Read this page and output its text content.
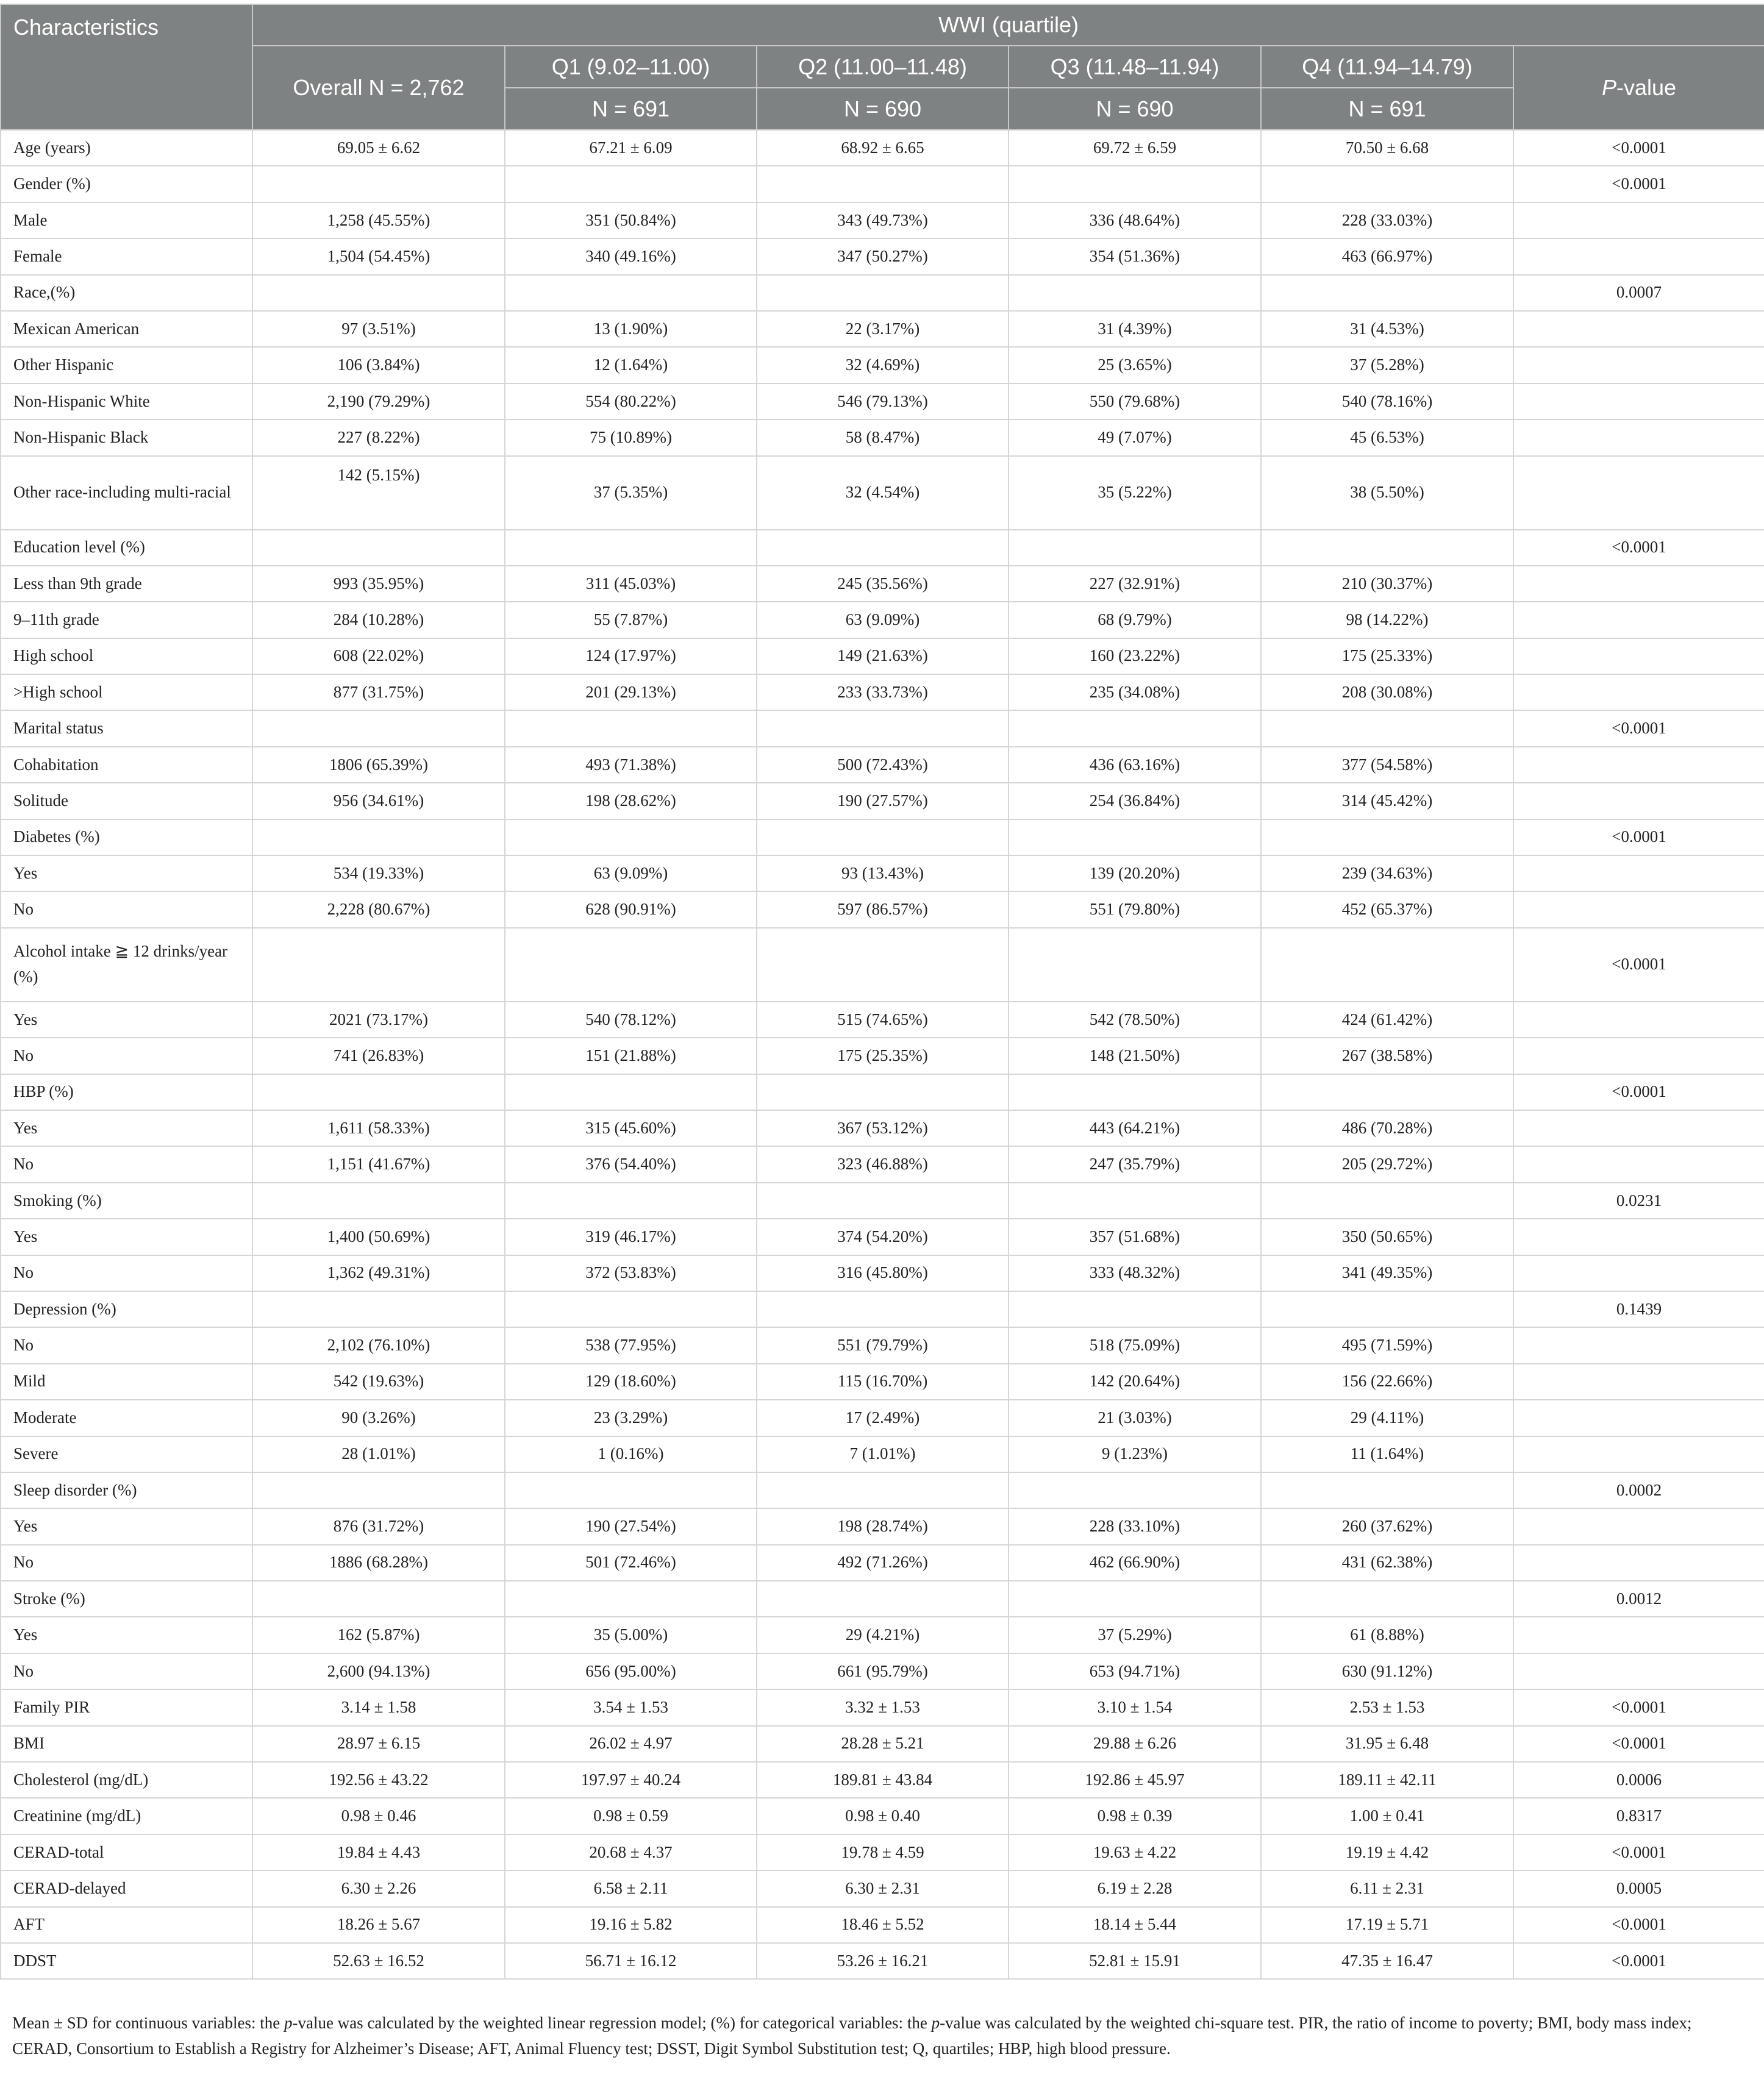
Characteristics	WWI (quartile)					
	Overall N = 2,762	Q1 (9.02–11.00)	Q2 (11.00–11.48)	Q3 (11.48–11.94)	Q4 (11.94–14.79)	P-value
		N = 691	N = 690	N = 690	N = 691	
Age (years)	69.05 ± 6.62	67.21 ± 6.09	68.92 ± 6.65	69.72 ± 6.59	70.50 ± 6.68	<0.0001
Gender (%)						<0.0001
Male	1,258 (45.55%)	351 (50.84%)	343 (49.73%)	336 (48.64%)	228 (33.03%)	
Female	1,504 (54.45%)	340 (49.16%)	347 (50.27%)	354 (51.36%)	463 (66.97%)	
Race,(%)						0.0007
Mexican American	97 (3.51%)	13 (1.90%)	22 (3.17%)	31 (4.39%)	31 (4.53%)	
Other Hispanic	106 (3.84%)	12 (1.64%)	32 (4.69%)	25 (3.65%)	37 (5.28%)	
Non-Hispanic White	2,190 (79.29%)	554 (80.22%)	546 (79.13%)	550 (79.68%)	540 (78.16%)	
Non-Hispanic Black	227 (8.22%)	75 (10.89%)	58 (8.47%)	49 (7.07%)	45 (6.53%)	
Other race-including multi-racial	142 (5.15%)	37 (5.35%)	32 (4.54%)	35 (5.22%)	38 (5.50%)	
Education level (%)						<0.0001
Less than 9th grade	993 (35.95%)	311 (45.03%)	245 (35.56%)	227 (32.91%)	210 (30.37%)	
9–11th grade	284 (10.28%)	55 (7.87%)	63 (9.09%)	68 (9.79%)	98 (14.22%)	
High school	608 (22.02%)	124 (17.97%)	149 (21.63%)	160 (23.22%)	175 (25.33%)	
>High school	877 (31.75%)	201 (29.13%)	233 (33.73%)	235 (34.08%)	208 (30.08%)	
Marital status						<0.0001
Cohabitation	1806 (65.39%)	493 (71.38%)	500 (72.43%)	436 (63.16%)	377 (54.58%)	
Solitude	956 (34.61%)	198 (28.62%)	190 (27.57%)	254 (36.84%)	314 (45.42%)	
Diabetes (%)						<0.0001
Yes	534 (19.33%)	63 (9.09%)	93 (13.43%)	139 (20.20%)	239 (34.63%)	
No	2,228 (80.67%)	628 (90.91%)	597 (86.57%)	551 (79.80%)	452 (65.37%)	
Alcohol intake ≧ 12 drinks/year (%)						<0.0001
Yes	2021 (73.17%)	540 (78.12%)	515 (74.65%)	542 (78.50%)	424 (61.42%)	
No	741 (26.83%)	151 (21.88%)	175 (25.35%)	148 (21.50%)	267 (38.58%)	
HBP (%)						<0.0001
Yes	1,611 (58.33%)	315 (45.60%)	367 (53.12%)	443 (64.21%)	486 (70.28%)	
No	1,151 (41.67%)	376 (54.40%)	323 (46.88%)	247 (35.79%)	205 (29.72%)	
Smoking (%)						0.0231
Yes	1,400 (50.69%)	319 (46.17%)	374 (54.20%)	357 (51.68%)	350 (50.65%)	
No	1,362 (49.31%)	372 (53.83%)	316 (45.80%)	333 (48.32%)	341 (49.35%)	
Depression (%)						0.1439
No	2,102 (76.10%)	538 (77.95%)	551 (79.79%)	518 (75.09%)	495 (71.59%)	
Mild	542 (19.63%)	129 (18.60%)	115 (16.70%)	142 (20.64%)	156 (22.66%)	
Moderate	90 (3.26%)	23 (3.29%)	17 (2.49%)	21 (3.03%)	29 (4.11%)	
Severe	28 (1.01%)	1 (0.16%)	7 (1.01%)	9 (1.23%)	11 (1.64%)	
Sleep disorder (%)						0.0002
Yes	876 (31.72%)	190 (27.54%)	198 (28.74%)	228 (33.10%)	260 (37.62%)	
No	1886 (68.28%)	501 (72.46%)	492 (71.26%)	462 (66.90%)	431 (62.38%)	
Stroke (%)						0.0012
Yes	162 (5.87%)	35 (5.00%)	29 (4.21%)	37 (5.29%)	61 (8.88%)	
No	2,600 (94.13%)	656 (95.00%)	661 (95.79%)	653 (94.71%)	630 (91.12%)	
Family PIR	3.14 ± 1.58	3.54 ± 1.53	3.32 ± 1.53	3.10 ± 1.54	2.53 ± 1.53	<0.0001
BMI	28.97 ± 6.15	26.02 ± 4.97	28.28 ± 5.21	29.88 ± 6.26	31.95 ± 6.48	<0.0001
Cholesterol (mg/dL)	192.56 ± 43.22	197.97 ± 40.24	189.81 ± 43.84	192.86 ± 45.97	189.11 ± 42.11	0.0006
Creatinine (mg/dL)	0.98 ± 0.46	0.98 ± 0.59	0.98 ± 0.40	0.98 ± 0.39	1.00 ± 0.41	0.8317
CERAD-total	19.84 ± 4.43	20.68 ± 4.37	19.78 ± 4.59	19.63 ± 4.22	19.19 ± 4.42	<0.0001
CERAD-delayed	6.30 ± 2.26	6.58 ± 2.11	6.30 ± 2.31	6.19 ± 2.28	6.11 ± 2.31	0.0005
AFT	18.26 ± 5.67	19.16 ± 5.82	18.46 ± 5.52	18.14 ± 5.44	17.19 ± 5.71	<0.0001
DDST	52.63 ± 16.52	56.71 ± 16.12	53.26 ± 16.21	52.81 ± 15.91	47.35 ± 16.47	<0.0001
Mean ± SD for continuous variables: the p-value was calculated by the weighted linear regression model; (%) for categorical variables: the p-value was calculated by the weighted chi-square test. PIR, the ratio of income to poverty; BMI, body mass index; CERAD, Consortium to Establish a Registry for Alzheimer’s Disease; AFT, Animal Fluency test; DSST, Digit Symbol Substitution test; Q, quartiles; HBP, high blood pressure.
